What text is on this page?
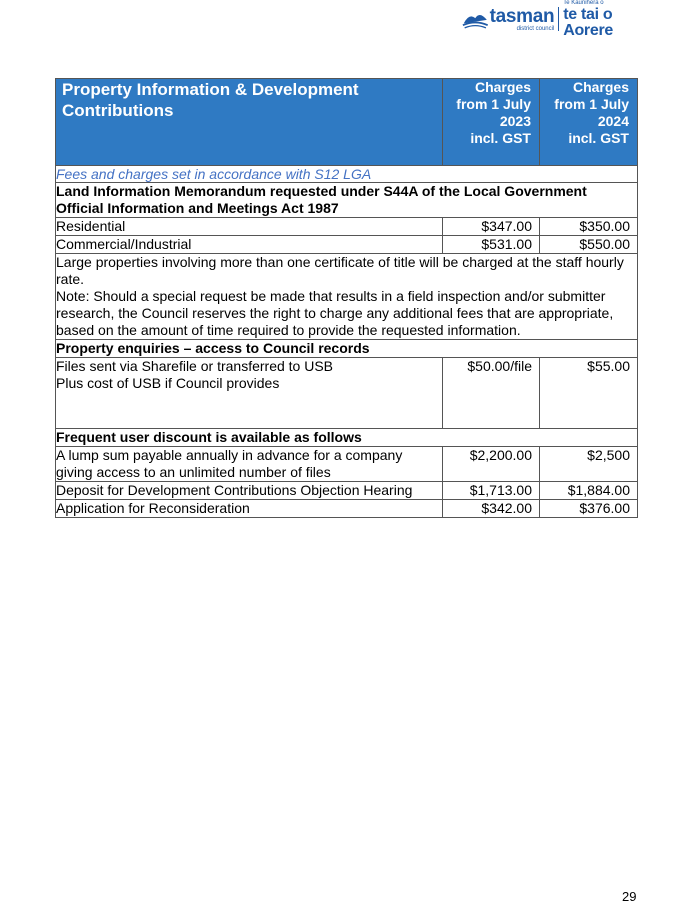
tasman
district council
Te Kaunihera o
te tai o Aorere
Property Information & Development Contributions	Charges
from 1 July
2023
incl. GST	Charges
from 1 July
2024
incl. GST
Fees and charges set in accordance with S12 LGA		
Land Information Memorandum requested under S44A of the Local Government Official Information and Meetings Act 1987		
Residential	$347.00	$350.00
Commercial/Industrial	$531.00	$550.00

Large properties involving more than one certificate of title will be charged at the staff hourly rate.

Note: Should a special request be made that results in a field inspection and/or submitter research, the Council reserves the right to charge any additional fees that are appropriate, based on the amount of time required to provide the requested information.		

Property enquiries – access to Council records		
Files sent via Sharefile or transferred to USB
Plus cost of USB if Council provides	$50.00/file	$55.00
Frequent user discount is available as follows		
A lump sum payable annually in advance for a company giving access to an unlimited number of files	$2,200.00	$2,500
Deposit for Development Contributions Objection Hearing	$1,713.00	$1,884.00
Application for Reconsideration	$342.00	$376.00
29
